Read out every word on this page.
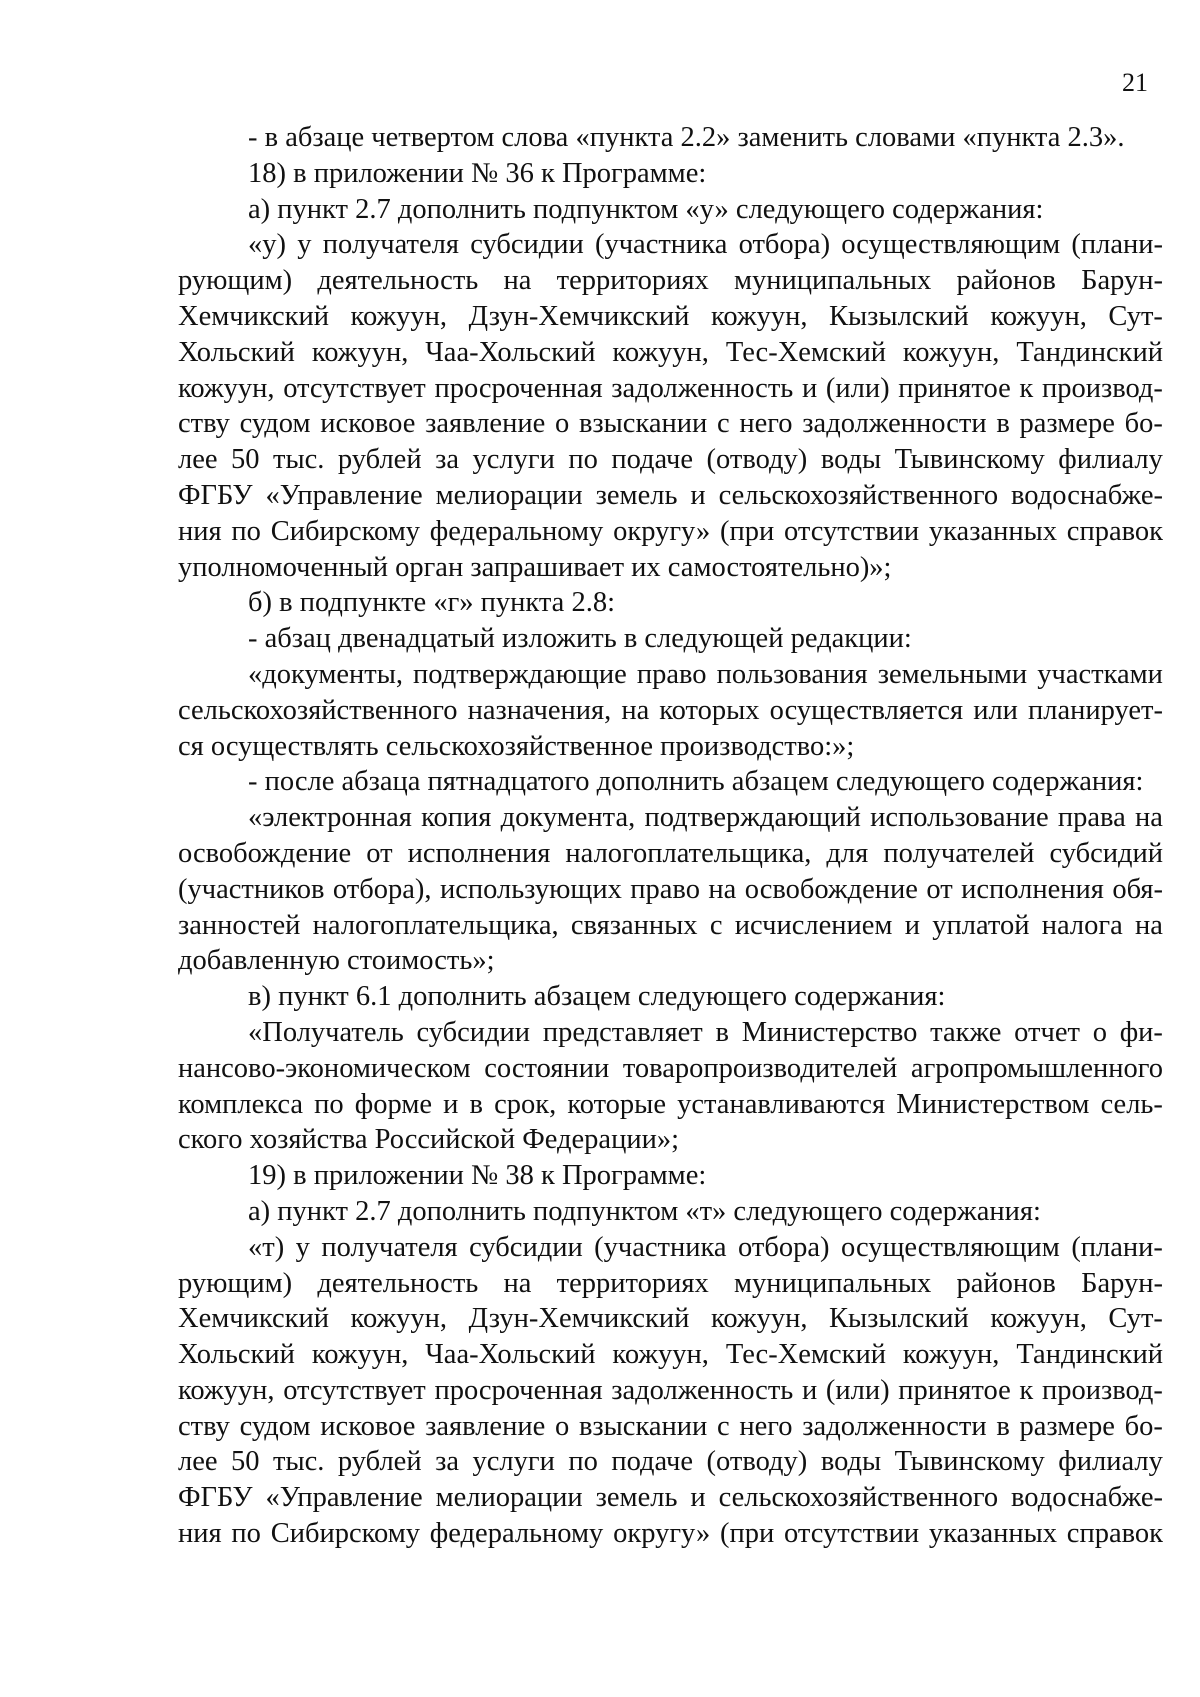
21
- в абзаце четвертом слова «пункта 2.2» заменить словами «пункта 2.3».
18) в приложении № 36 к Программе:
а) пункт 2.7 дополнить подпунктом «у» следующего содержания:
«у) у получателя субсидии (участника отбора) осуществляющим (плани-
рующим) деятельность на территориях муниципальных районов Барун-
Хемчикский кожуун, Дзун-Хемчикский кожуун, Кызылский кожуун, Сут-
Хольский кожуун, Чаа-Хольский кожуун, Тес-Хемский кожуун, Тандинский
кожуун, отсутствует просроченная задолженность и (или) принятое к производ-
ству судом исковое заявление о взыскании с него задолженности в размере бо-
лее 50 тыс. рублей за услуги по подаче (отводу) воды Тывинскому филиалу
ФГБУ «Управление мелиорации земель и сельскохозяйственного водоснабже-
ния по Сибирскому федеральному округу» (при отсутствии указанных справок
уполномоченный орган запрашивает их самостоятельно)»;
б) в подпункте «г» пункта 2.8:
- абзац двенадцатый изложить в следующей редакции:
«документы, подтверждающие право пользования земельными участками
сельскохозяйственного назначения, на которых осуществляется или планирует-
ся осуществлять сельскохозяйственное производство:»;
- после абзаца пятнадцатого дополнить абзацем следующего содержания:
«электронная копия документа, подтверждающий использование права на
освобождение от исполнения налогоплательщика, для получателей субсидий
(участников отбора), использующих право на освобождение от исполнения обя-
занностей налогоплательщика, связанных с исчислением и уплатой налога на
добавленную стоимость»;
в) пункт 6.1 дополнить абзацем следующего содержания:
«Получатель субсидии представляет в Министерство также отчет о фи-
нансово-экономическом состоянии товаропроизводителей агропромышленного
комплекса по форме и в срок, которые устанавливаются Министерством сель-
ского хозяйства Российской Федерации»;
19) в приложении № 38 к Программе:
а) пункт 2.7 дополнить подпунктом «т» следующего содержания:
«т) у получателя субсидии (участника отбора) осуществляющим (плани-
рующим) деятельность на территориях муниципальных районов Барун-
Хемчикский кожуун, Дзун-Хемчикский кожуун, Кызылский кожуун, Сут-
Хольский кожуун, Чаа-Хольский кожуун, Тес-Хемский кожуун, Тандинский
кожуун, отсутствует просроченная задолженность и (или) принятое к производ-
ству судом исковое заявление о взыскании с него задолженности в размере бо-
лее 50 тыс. рублей за услуги по подаче (отводу) воды Тывинскому филиалу
ФГБУ «Управление мелиорации земель и сельскохозяйственного водоснабже-
ния по Сибирскому федеральному округу» (при отсутствии указанных справок
